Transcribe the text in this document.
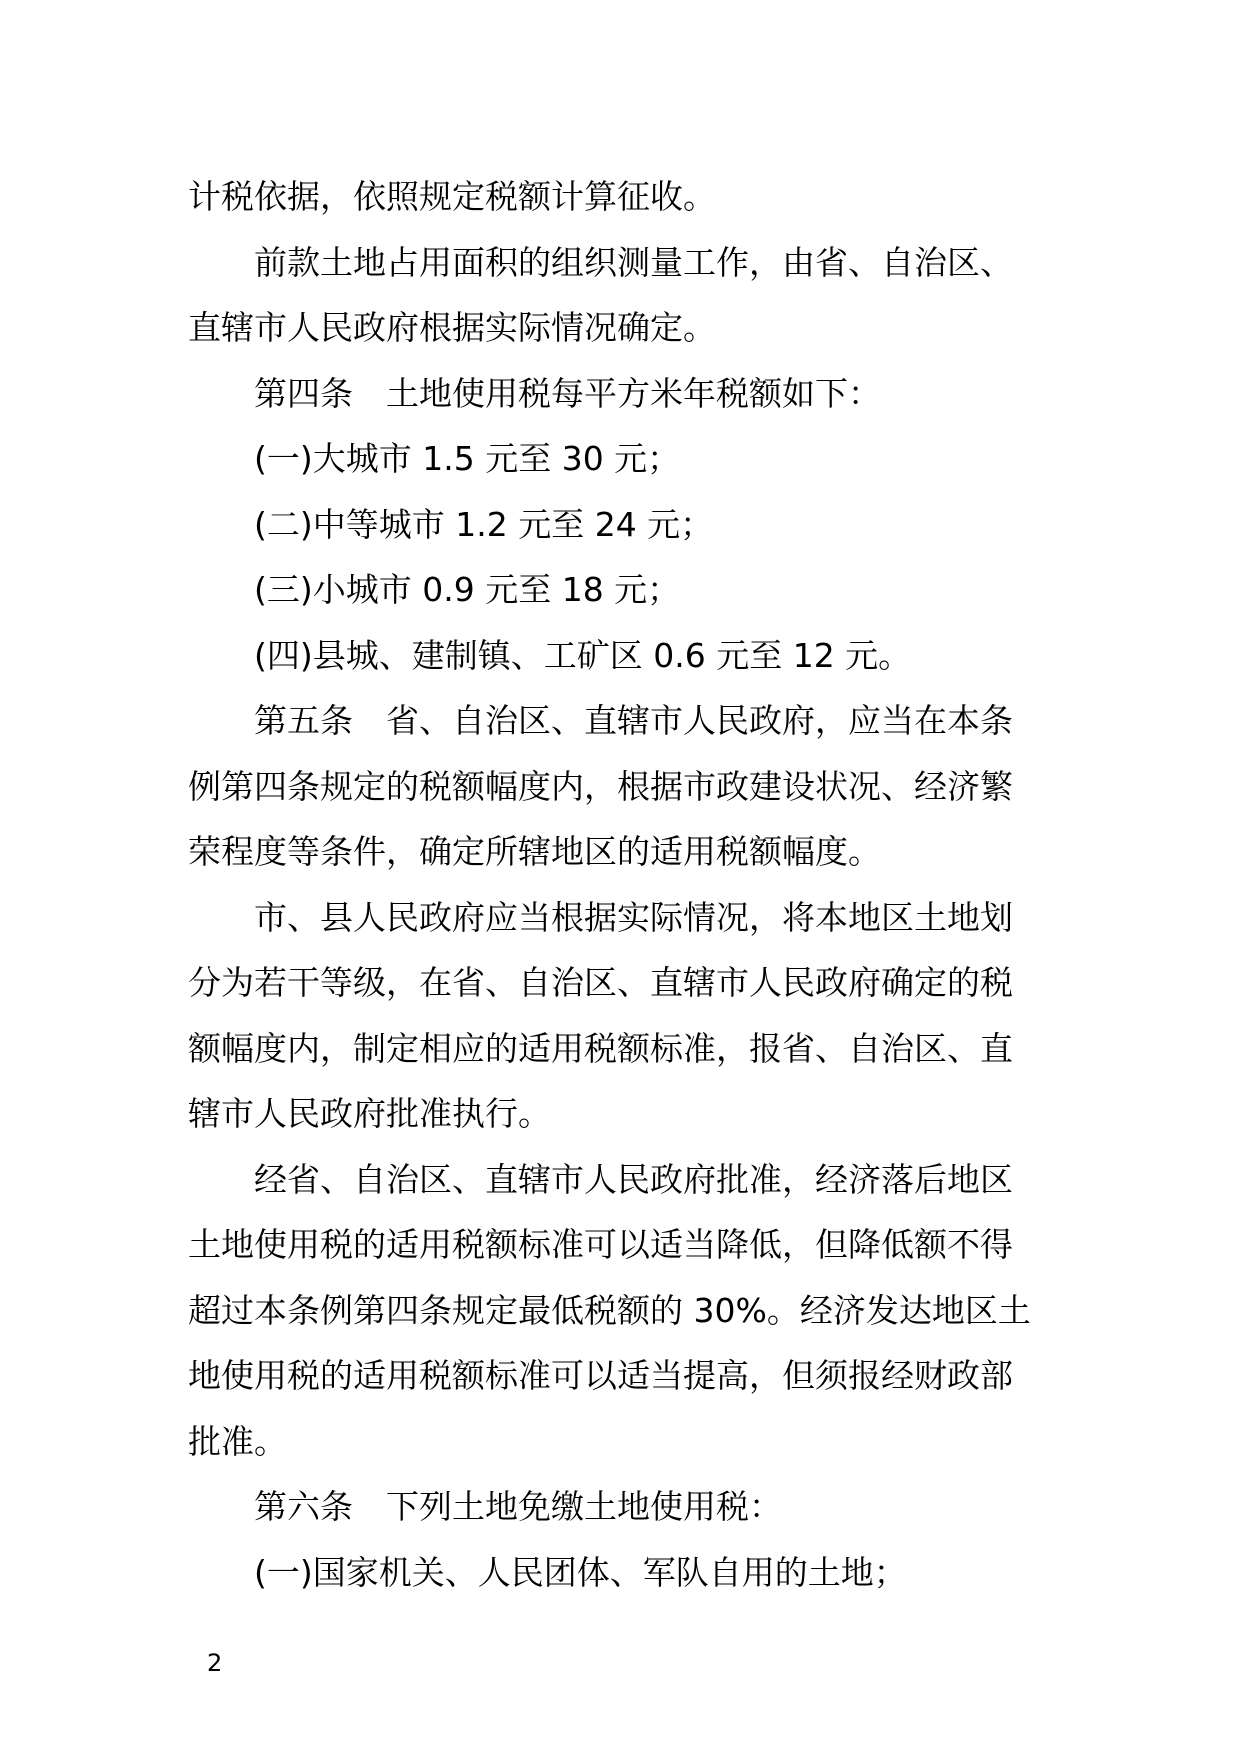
计税依据，依照规定税额计算征收。

前款土地占用面积的组织测量工作，由省、自治区、

直辖市人民政府根据实际情况确定。

第四条　土地使用税每平方米年税额如下：

(一)大城市 1.5 元至 30 元；

(二)中等城市 1.2 元至 24 元；

(三)小城市 0.9 元至 18 元；

(四)县城、建制镇、工矿区 0.6 元至 12 元。

第五条　省、自治区、直辖市人民政府，应当在本条

例第四条规定的税额幅度内，根据市政建设状况、经济繁

荣程度等条件，确定所辖地区的适用税额幅度。

市、县人民政府应当根据实际情况，将本地区土地划

分为若干等级，在省、自治区、直辖市人民政府确定的税

额幅度内，制定相应的适用税额标准，报省、自治区、直

辖市人民政府批准执行。

经省、自治区、直辖市人民政府批准，经济落后地区

土地使用税的适用税额标准可以适当降低，但降低额不得

超过本条例第四条规定最低税额的 30%。经济发达地区土

地使用税的适用税额标准可以适当提高，但须报经财政部

批准。

第六条　下列土地免缴土地使用税：

(一)国家机关、人民团体、军队自用的土地；

2
